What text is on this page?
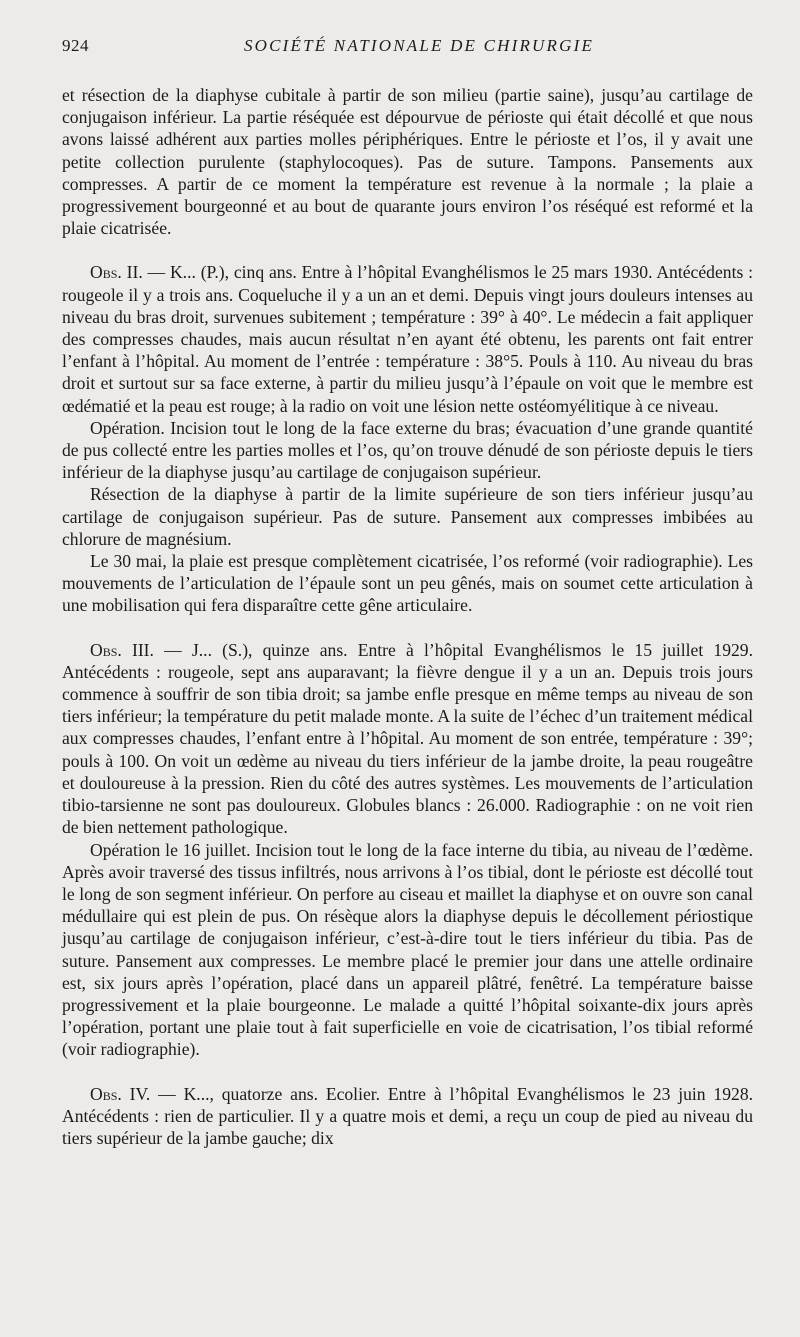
924	SOCIÉTÉ NATIONALE DE CHIRURGIE

et résection de la diaphyse cubitale à partir de son milieu (partie saine), jusqu’au cartilage de conjugaison inférieur. La partie réséquée est dépourvue de périoste qui était décollé et que nous avons laissé adhérent aux parties molles périphériques. Entre le périoste et l’os, il y avait une petite collection purulente (staphylocoques). Pas de suture. Tampons. Pansements aux compresses. A partir de ce moment la température est revenue à la normale ; la plaie a progressivement bourgeonné et au bout de quarante jours environ l’os réséqué est reformé et la plaie cicatrisée.

Obs. II. — K... (P.), cinq ans. Entre à l’hôpital Evanghélismos le 25 mars 1930. Antécédents : rougeole il y a trois ans. Coqueluche il y a un an et demi. Depuis vingt jours douleurs intenses au niveau du bras droit, survenues subitement ; température : 39° à 40°. Le médecin a fait appliquer des compresses chaudes, mais aucun résultat n’en ayant été obtenu, les parents ont fait entrer l’enfant à l’hôpital. Au moment de l’entrée : température : 38°5. Pouls à 110. Au niveau du bras droit et surtout sur sa face externe, à partir du milieu jusqu’à l’épaule on voit que le membre est œdématié et la peau est rouge; à la radio on voit une lésion nette ostéomyélitique à ce niveau.

Opération. Incision tout le long de la face externe du bras; évacuation d’une grande quantité de pus collecté entre les parties molles et l’os, qu’on trouve dénudé de son périoste depuis le tiers inférieur de la diaphyse jusqu’au cartilage de conjugaison supérieur.

Résection de la diaphyse à partir de la limite supérieure de son tiers inférieur jusqu’au cartilage de conjugaison supérieur. Pas de suture. Pansement aux compresses imbibées au chlorure de magnésium.

Le 30 mai, la plaie est presque complètement cicatrisée, l’os reformé (voir radiographie). Les mouvements de l’articulation de l’épaule sont un peu gênés, mais on soumet cette articulation à une mobilisation qui fera disparaître cette gêne articulaire.

Obs. III. — J... (S.), quinze ans. Entre à l’hôpital Evanghélismos le 15 juillet 1929. Antécédents : rougeole, sept ans auparavant; la fièvre dengue il y a un an. Depuis trois jours commence à souffrir de son tibia droit; sa jambe enfle presque en même temps au niveau de son tiers inférieur; la température du petit malade monte. A la suite de l’échec d’un traitement médical aux compresses chaudes, l’enfant entre à l’hôpital. Au moment de son entrée, température : 39°; pouls à 100. On voit un œdème au niveau du tiers inférieur de la jambe droite, la peau rougeâtre et douloureuse à la pression. Rien du côté des autres systèmes. Les mouvements de l’articulation tibio-tarsienne ne sont pas douloureux. Globules blancs : 26.000. Radiographie : on ne voit rien de bien nettement pathologique.

Opération le 16 juillet. Incision tout le long de la face interne du tibia, au niveau de l’œdème. Après avoir traversé des tissus infiltrés, nous arrivons à l’os tibial, dont le périoste est décollé tout le long de son segment inférieur. On perfore au ciseau et maillet la diaphyse et on ouvre son canal médullaire qui est plein de pus. On résèque alors la diaphyse depuis le décollement périostique jusqu’au cartilage de conjugaison inférieur, c’est-à-dire tout le tiers inférieur du tibia. Pas de suture. Pansement aux compresses. Le membre placé le premier jour dans une attelle ordinaire est, six jours après l’opération, placé dans un appareil plâtré, fenêtré. La température baisse progressivement et la plaie bourgeonne. Le malade a quitté l’hôpital soixante-dix jours après l’opération, portant une plaie tout à fait superficielle en voie de cicatrisation, l’os tibial reformé (voir radiographie).

Obs. IV. — K..., quatorze ans. Ecolier. Entre à l’hôpital Evanghélismos le 23 juin 1928. Antécédents : rien de particulier. Il y a quatre mois et demi, a reçu un coup de pied au niveau du tiers supérieur de la jambe gauche; dix
